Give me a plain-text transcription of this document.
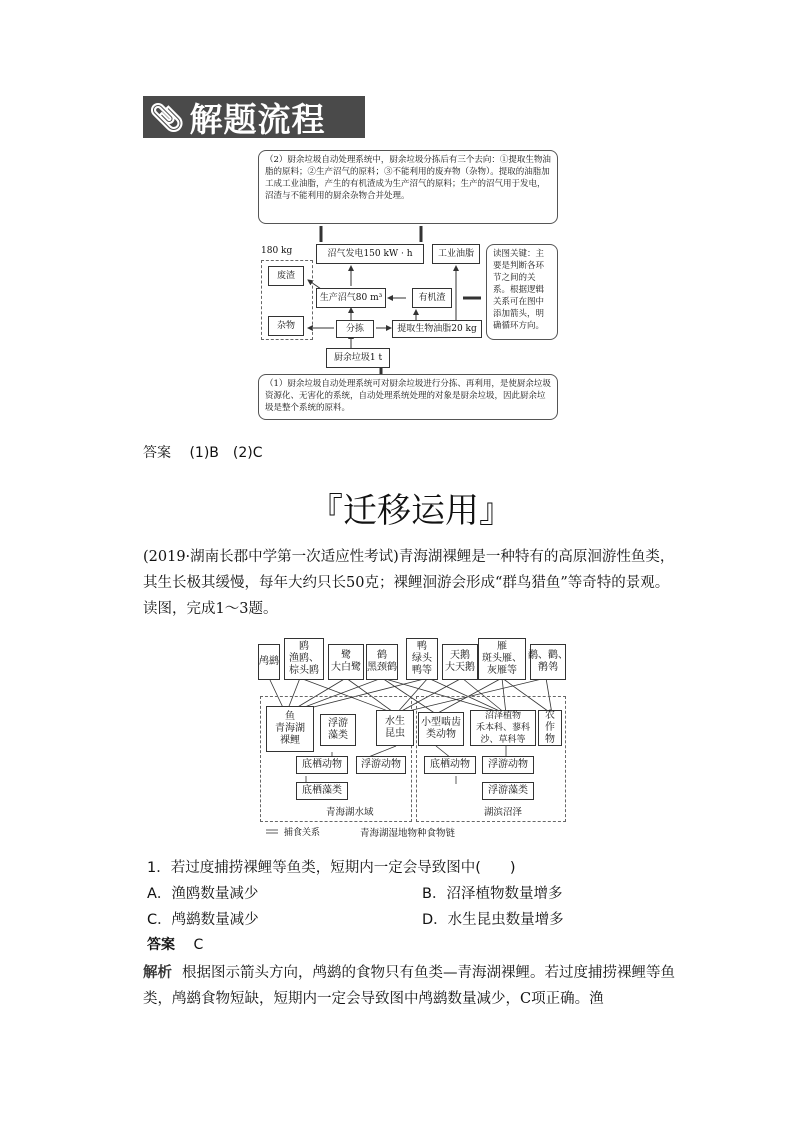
📎︎ 解题流程
（2）厨余垃圾自动处理系统中，厨余垃圾分拣后有三个去向：①提取生物油脂的原料；②生产沼气的原料；③不能利用的废弃物（杂物）。提取的油脂加工成工业油脂，产生的有机渣成为生产沼气的原料；生产的沼气用于发电，沼渣与不能利用的厨余杂物合并处理。
180 kg
废渣
杂物
沼气发电150 kW · h	工业油脂
生产沼气80 m³	有机渣
分拣	提取生物油脂20 kg
厨余垃圾1 t
读图关键：主要是判断各环节之间的关系。根据逻辑关系可在图中添加箭头，明确循环方向。
（1）厨余垃圾自动处理系统可对厨余垃圾进行分拣、再利用，是使厨余垃圾资源化、无害化的系统，自动处理系统处理的对象是厨余垃圾，因此厨余垃圾是整个系统的原料。
答案 (1)B　(2)C
『迁移运用』
(2019·湖南长郡中学第一次适应性考试)青海湖裸鲤是一种特有的高原洄游性鱼类，其生长极其缓慢，每年大约只长50克；裸鲤洄游会形成“群鸟猎鱼”等奇特的景观。读图，完成1～3题。
鸬鹚
鸥
渔鸥、
棕头鸥
鹭
大白鹭
鹤
黑颈鹤
鸭
绿头
鸭等
天鹅
大天鹅
雁
斑头雁、
灰雁等
鹬、鹳、
鹡鸰
鱼
青海湖
裸鲤
浮游
藻类
水生
昆虫
小型啮齿
类动物
沼泽植物
禾本科、蓼科
沙、草科等
农
作
物
底栖动物	浮游动物
底栖藻类
底栖动物	浮游动物
浮游藻类
青海湖水域	湖滨沼泽
捕食关系	青海湖湿地物种食物链
1．若过度捕捞裸鲤等鱼类，短期内一定会导致图中(　　)
A．渔鸥数量减少	B．沼泽植物数量增多
C．鸬鹚数量减少	D．水生昆虫数量增多
答案 C
解析 根据图示箭头方向，鸬鹚的食物只有鱼类—青海湖裸鲤。若过度捕捞裸鲤等鱼类，鸬鹚食物短缺，短期内一定会导致图中鸬鹚数量减少，C项正确。渔
